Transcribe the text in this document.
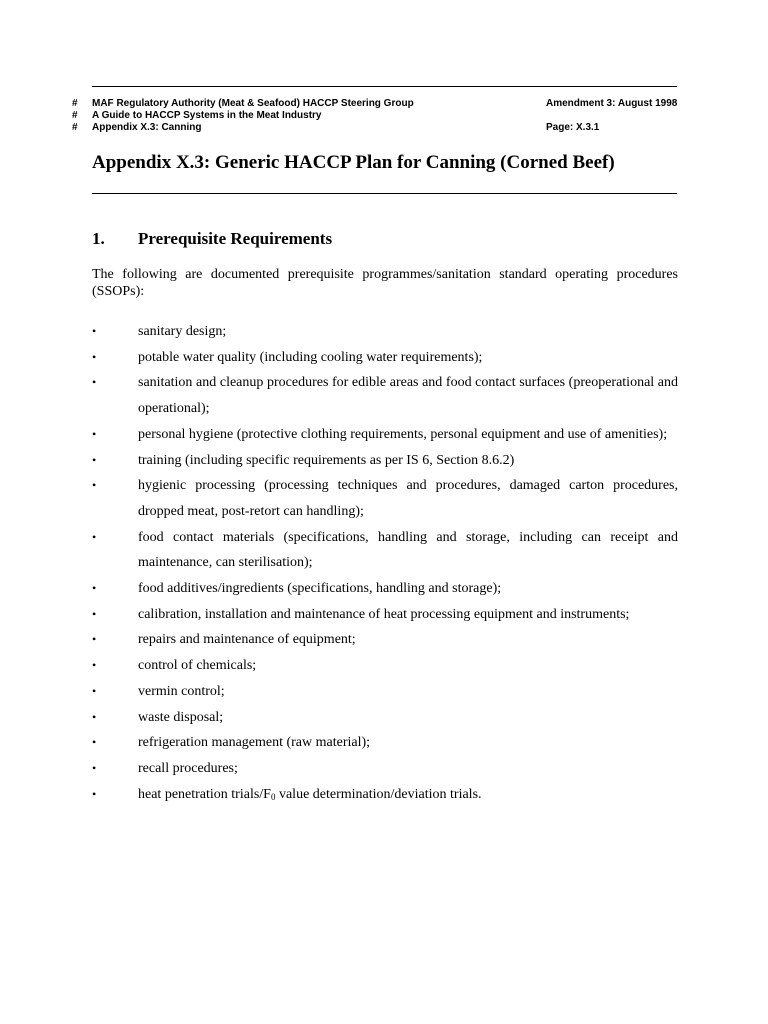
# MAF Regulatory Authority (Meat & Seafood) HACCP Steering Group	Amendment 3: August 1998
# A Guide to HACCP Systems in the Meat Industry
# Appendix X.3: Canning	Page: X.3.1
Appendix X.3: Generic HACCP Plan for Canning (Corned Beef)
1. Prerequisite Requirements
The following are documented prerequisite programmes/sanitation standard operating procedures (SSOPs):
•	sanitary design;
•	potable water quality (including cooling water requirements);
•	sanitation and cleanup procedures for edible areas and food contact surfaces (preoperational and operational);
•	personal hygiene (protective clothing requirements, personal equipment and use of amenities);
•	training (including specific requirements as per IS 6, Section 8.6.2)
•	hygienic processing (processing techniques and procedures, damaged carton procedures, dropped meat, post-retort can handling);
•	food contact materials (specifications, handling and storage, including can receipt and maintenance, can sterilisation);
•	food additives/ingredients (specifications, handling and storage);
•	calibration, installation and maintenance of heat processing equipment and instruments;
•	repairs and maintenance of equipment;
•	control of chemicals;
•	vermin control;
•	waste disposal;
•	refrigeration management (raw material);
•	recall procedures;
•	heat penetration trials/$F_0$ value determination/deviation trials.
